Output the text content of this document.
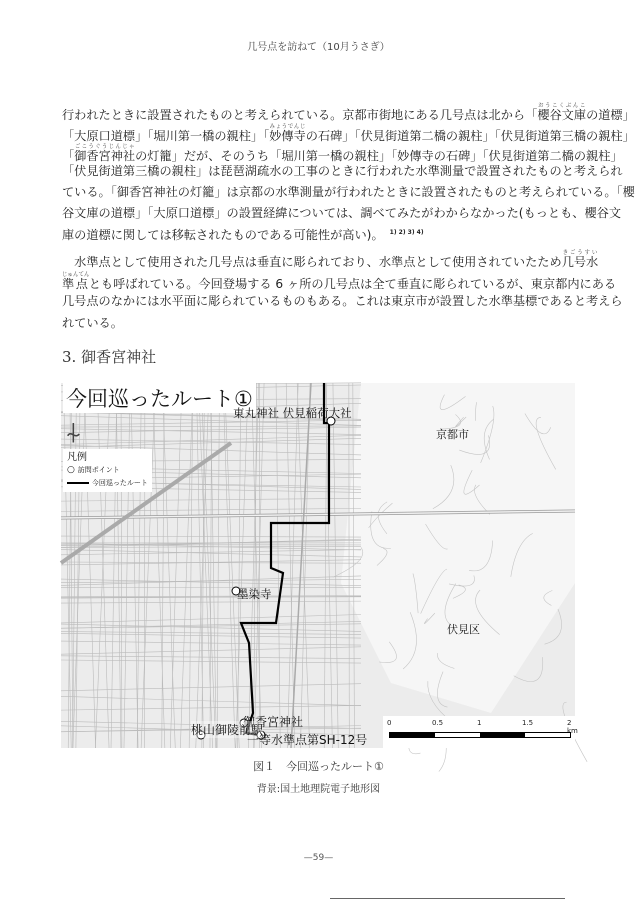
几号点を訪ねて（10月うさぎ）
行われたときに設置されたものと考えられている。京都市街地にある几号点は北から「櫻谷文庫おうこくぶんこの道標」
「大原口道標」「堀川第一橋の親柱」「妙傳寺みょうでんじの石碑」「伏見街道第二橋の親柱」「伏見街道第三橋の親柱」
「御香宮神社ごこうぐうじんじゃの灯籠」だが、そのうち「堀川第一橋の親柱」「妙傳寺の石碑」「伏見街道第二橋の親柱」
「伏見街道第三橋の親柱」は琵琶湖疏水の工事のときに行われた水準測量で設置されたものと考えられ
ている。「御香宮神社の灯籠」は京都の水準測量が行われたときに設置されたものと考えられている。「櫻
谷文庫の道標」「大原口道標」の設置経緯については、調べてみたがわからなかった(もっとも、櫻谷文
庫の道標に関しては移転されたものである可能性が高い)。 $^{1) 2) 3) 4)}$
　水準点として使用された几号点は垂直に彫られており、水準点として使用されていたため几号水きごうすい
準点じゅんてんとも呼ばれている。今回登場する 6 ヶ所の几号点は全て垂直に彫られているが、東京都内にある
几号点のなかには水平面に彫られているものもある。これは東京市が設置した水準基標であると考えら
れている。
3. 御香宮神社
今回巡ったルート①
⍭
凡例
○ 訪問ポイント
今回巡ったルート
東丸神社 伏見稲荷大社
京都市
墨染寺
伏見区
御香宮神社
桃山御陵前駅
一等水準点第SH-12号
0	0.5	1	1.5	2 km
図１　今回巡ったルート①
背景:国土地理院電子地形図
—59—
